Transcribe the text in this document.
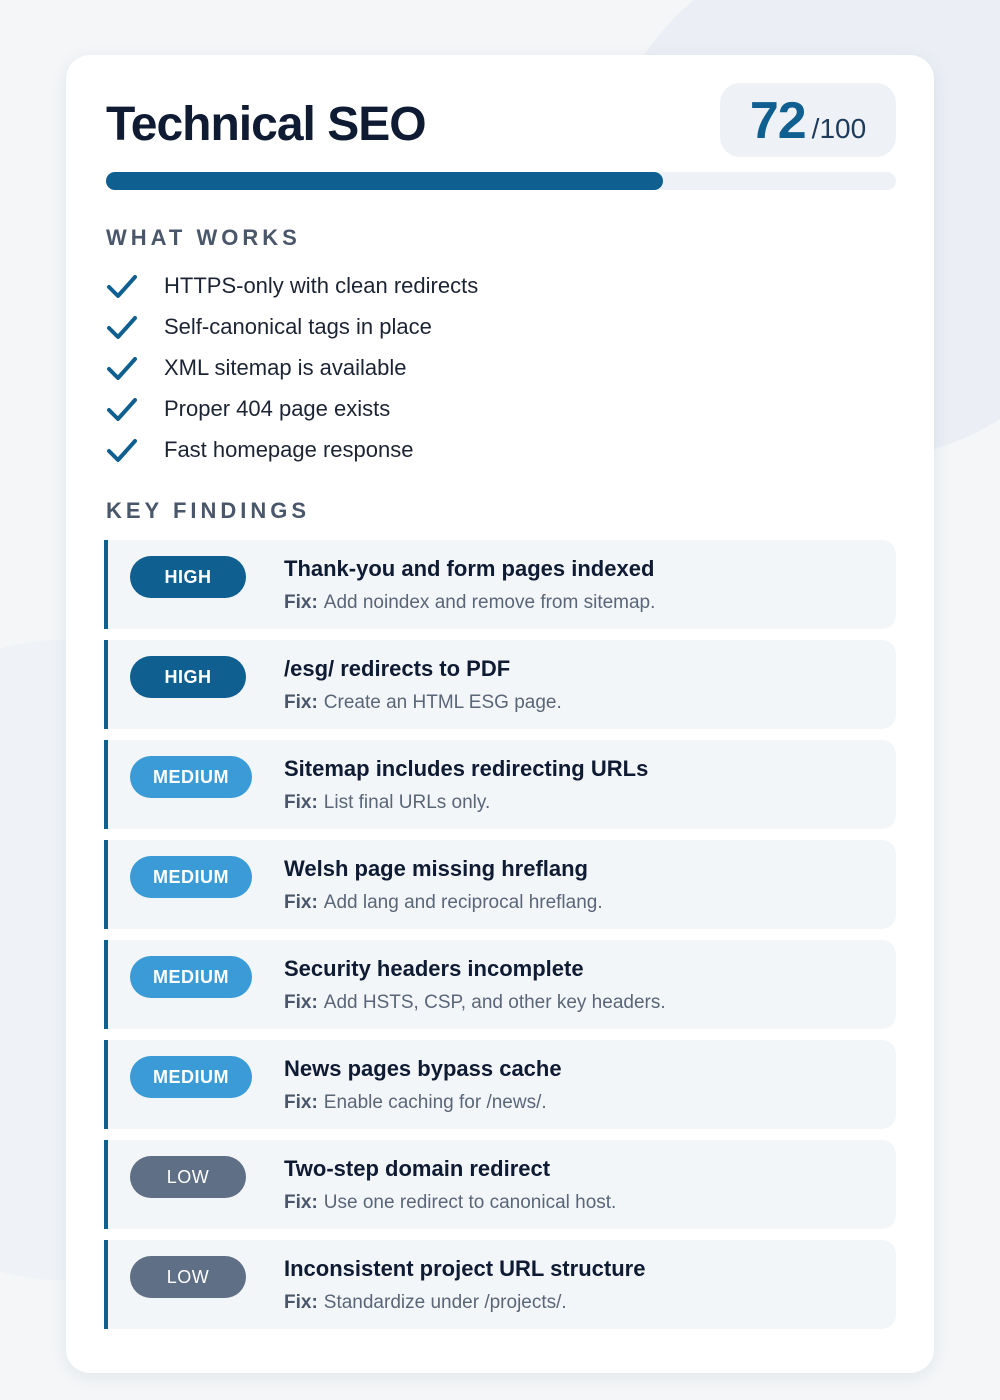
Technical SEO	72 /100
WHAT WORKS
HTTPS-only with clean redirects
Self-canonical tags in place
XML sitemap is available
Proper 404 page exists
Fast homepage response
KEY FINDINGS
HIGH	Thank-you and form pages indexed
Fix: Add noindex and remove from sitemap.
HIGH	/esg/ redirects to PDF
Fix: Create an HTML ESG page.
MEDIUM	Sitemap includes redirecting URLs
Fix: List final URLs only.
MEDIUM	Welsh page missing hreflang
Fix: Add lang and reciprocal hreflang.
MEDIUM	Security headers incomplete
Fix: Add HSTS, CSP, and other key headers.
MEDIUM	News pages bypass cache
Fix: Enable caching for /news/.
LOW	Two-step domain redirect
Fix: Use one redirect to canonical host.
LOW	Inconsistent project URL structure
Fix: Standardize under /projects/.
